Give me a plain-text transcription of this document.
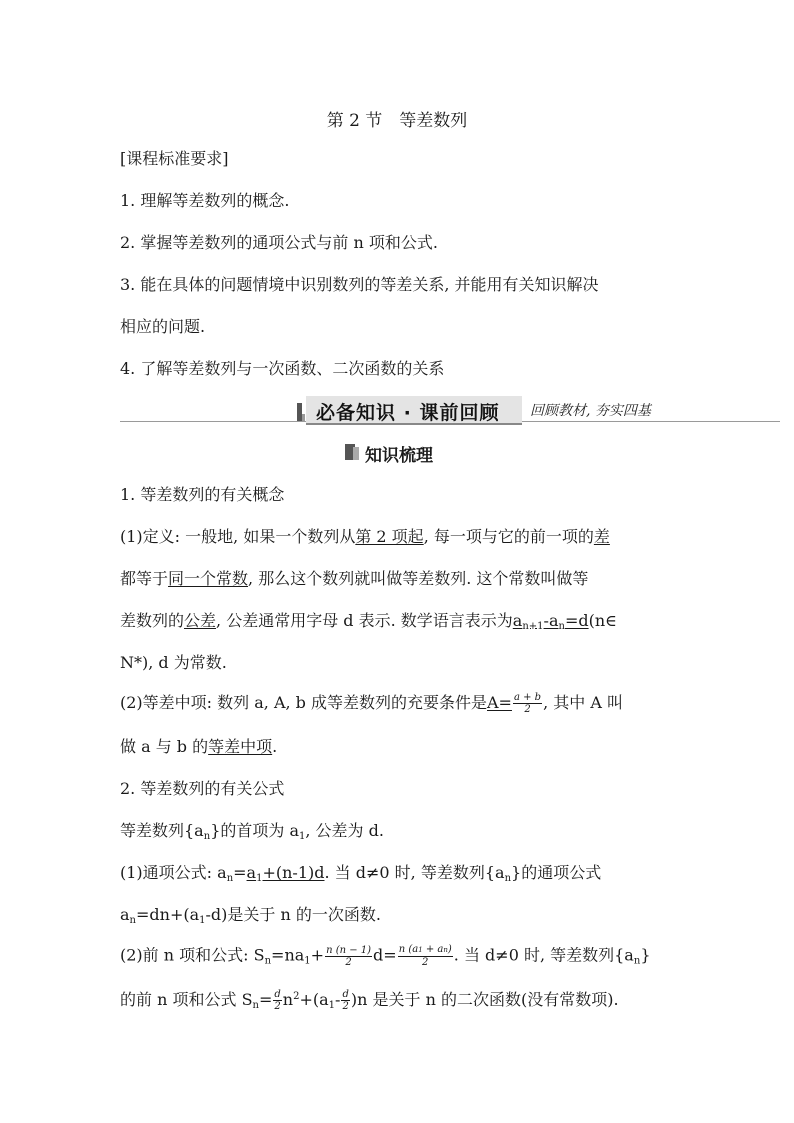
第 2 节　等差数列
[课程标准要求]
1. 理解等差数列的概念.
2. 掌握等差数列的通项公式与前 n 项和公式.
3. 能在具体的问题情境中识别数列的等差关系, 并能用有关知识解决
相应的问题.
4. 了解等差数列与一次函数、二次函数的关系
必备知识 · 课前回顾 回顾教材, 夯实四基
知识梳理
1. 等差数列的有关概念
(1)定义: 一般地, 如果一个数列从第 2 项起, 每一项与它的前一项的差
都等于同一个常数, 那么这个数列就叫做等差数列. 这个常数叫做等
差数列的公差, 公差通常用字母 d 表示. 数学语言表示为$a_{n+1}-a_n=d(n\in$
N*), d 为常数.
(2)等差中项: 数列 a, A, b 成等差数列的充要条件是$A= \frac{a + b}{2}$ , 其中 A 叫
做 a 与 b 的等差中项.
2. 等差数列的有关公式
等差数列$\{a_n\}$的首项为 $a_1$, 公差为 d.
(1)通项公式: $a_n=a_1+(n-1)d$. 当 d≠0 时, 等差数列$\{a_n\}$的通项公式
$a_n=dn+(a_1-d)$是关于 n 的一次函数.
(2)前 n 项和公式: $S_n=na_1+ \frac{n (n - 1)}{2} d= \frac{n (a1 + an)}{2}$ . 当 d≠0 时, 等差数列$\{a_n\}$
的前 n 项和公式 $S_n= \frac{d}{2} n^2+(a_1- \frac{d}{2} )n$ 是关于 n 的二次函数(没有常数项).
